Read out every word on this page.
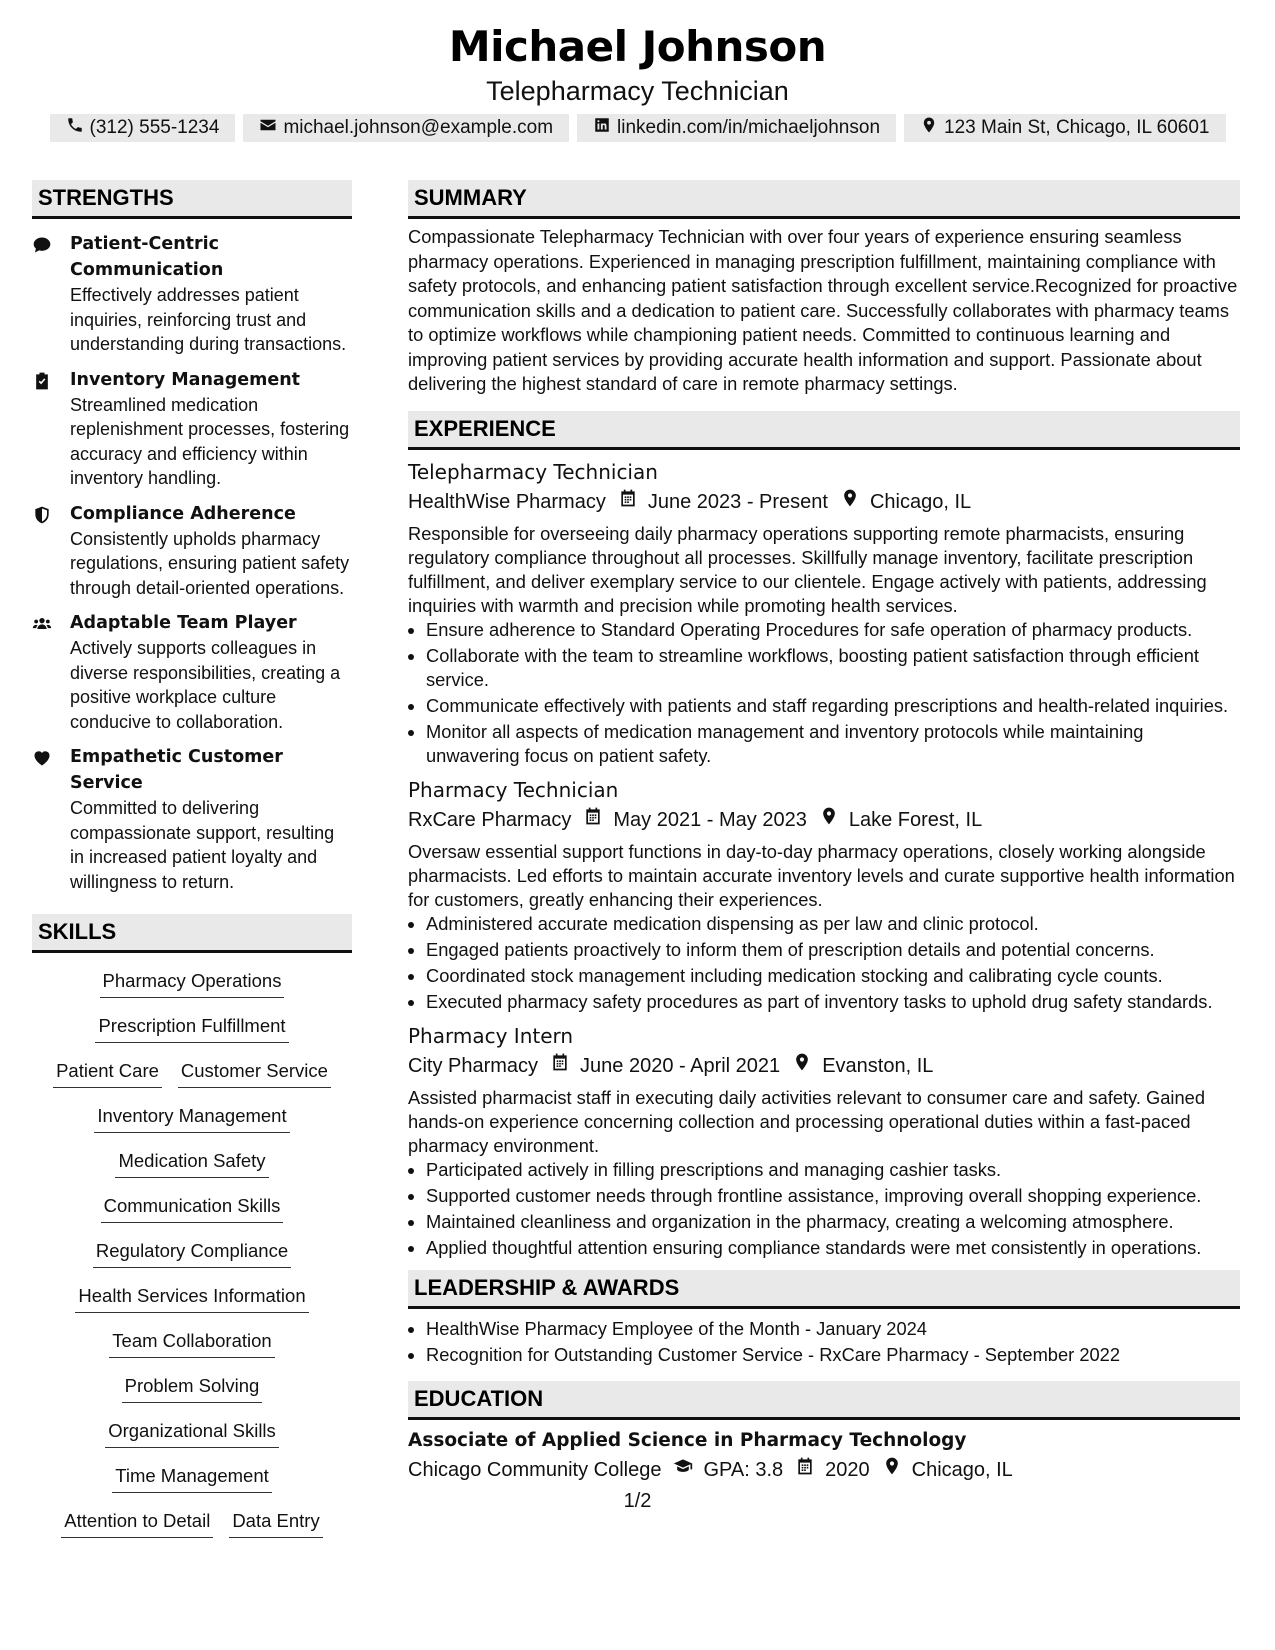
Michael Johnson
Telepharmacy Technician
(312) 555-1234	michael.johnson@example.com	linkedin.com/in/michaeljohnson	123 Main St, Chicago, IL 60601
STRENGTHS
Patient-Centric Communication
Effectively addresses patient inquiries, reinforcing trust and understanding during transactions.
Inventory Management
Streamlined medication replenishment processes, fostering accuracy and efficiency within inventory handling.
Compliance Adherence
Consistently upholds pharmacy regulations, ensuring patient safety through detail-oriented operations.
Adaptable Team Player
Actively supports colleagues in diverse responsibilities, creating a positive workplace culture conducive to collaboration.
Empathetic Customer Service
Committed to delivering compassionate support, resulting in increased patient loyalty and willingness to return.
SKILLS
Pharmacy Operations
Prescription Fulfillment
Patient Care Customer Service
Inventory Management
Medication Safety
Communication Skills
Regulatory Compliance
Health Services Information
Team Collaboration
Problem Solving
Organizational Skills
Time Management
Attention to Detail Data Entry
SUMMARY
Compassionate Telepharmacy Technician with over four years of experience ensuring seamless pharmacy operations. Experienced in managing prescription fulfillment, maintaining compliance with safety protocols, and enhancing patient satisfaction through excellent service.Recognized for proactive communication skills and a dedication to patient care. Successfully collaborates with pharmacy teams to optimize workflows while championing patient needs. Committed to continuous learning and improving patient services by providing accurate health information and support. Passionate about delivering the highest standard of care in remote pharmacy settings.
EXPERIENCE
Telepharmacy Technician
HealthWise Pharmacy June 2023 - Present Chicago, IL
Responsible for overseeing daily pharmacy operations supporting remote pharmacists, ensuring regulatory compliance throughout all processes. Skillfully manage inventory, facilitate prescription fulfillment, and deliver exemplary service to our clientele. Engage actively with patients, addressing inquiries with warmth and precision while promoting health services.
• Ensure adherence to Standard Operating Procedures for safe operation of pharmacy products.
• Collaborate with the team to streamline workflows, boosting patient satisfaction through efficient service.
• Communicate effectively with patients and staff regarding prescriptions and health-related inquiries.
• Monitor all aspects of medication management and inventory protocols while maintaining unwavering focus on patient safety.
Pharmacy Technician
RxCare Pharmacy May 2021 - May 2023 Lake Forest, IL
Oversaw essential support functions in day-to-day pharmacy operations, closely working alongside pharmacists. Led efforts to maintain accurate inventory levels and curate supportive health information for customers, greatly enhancing their experiences.
• Administered accurate medication dispensing as per law and clinic protocol.
• Engaged patients proactively to inform them of prescription details and potential concerns.
• Coordinated stock management including medication stocking and calibrating cycle counts.
• Executed pharmacy safety procedures as part of inventory tasks to uphold drug safety standards.
Pharmacy Intern
City Pharmacy June 2020 - April 2021 Evanston, IL
Assisted pharmacist staff in executing daily activities relevant to consumer care and safety. Gained hands-on experience concerning collection and processing operational duties within a fast-paced pharmacy environment.
• Participated actively in filling prescriptions and managing cashier tasks.
• Supported customer needs through frontline assistance, improving overall shopping experience.
• Maintained cleanliness and organization in the pharmacy, creating a welcoming atmosphere.
• Applied thoughtful attention ensuring compliance standards were met consistently in operations.
LEADERSHIP & AWARDS
• HealthWise Pharmacy Employee of the Month - January 2024
• Recognition for Outstanding Customer Service - RxCare Pharmacy - September 2022
EDUCATION
Associate of Applied Science in Pharmacy Technology
Chicago Community College GPA: 3.8 2020 Chicago, IL
1/2
